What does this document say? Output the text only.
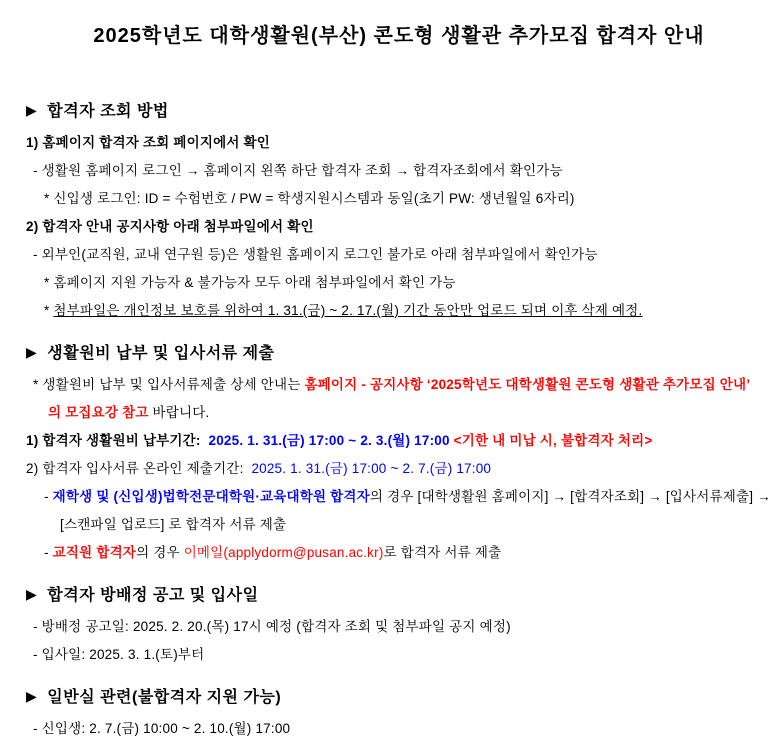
2025학년도 대학생활원(부산) 콘도형 생활관 추가모집 합격자 안내
▶ 합격자 조회 방법
1) 홈페이지 합격자 조회 페이지에서 확인
- 생활원 홈페이지 로그인 → 홈페이지 왼쪽 하단 합격자 조회 → 합격자조회에서 확인가능
* 신입생 로그인: ID = 수험번호 / PW = 학생지원시스템과 동일(초기 PW: 생년월일 6자리)
2) 합격자 안내 공지사항 아래 첨부파일에서 확인
- 외부인(교직원, 교내 연구원 등)은 생활원 홈페이지 로그인 불가로 아래 첨부파일에서 확인가능
* 홈페이지 지원 가능자 & 불가능자 모두 아래 첨부파일에서 확인 가능
* 첨부파일은 개인정보 보호를 위하여 1. 31.(금) ~ 2. 17.(월) 기간 동안만 업로드 되며 이후 삭제 예정.
▶ 생활원비 납부 및 입사서류 제출
* 생활원비 납부 및 입사서류제출 상세 안내는 홈페이지 - 공지사항 ‘2025학년도 대학생활원 콘도형 생활관 추가모집 안내’
의 모집요강 참고 바랍니다.
1) 합격자 생활원비 납부기간:  2025. 1. 31.(금) 17:00 ~ 2. 3.(월) 17:00 <기한 내 미납 시, 불합격자 처리>
2) 합격자 입사서류 온라인 제출기간:  2025. 1. 31.(금) 17:00 ~ 2. 7.(금) 17:00
- 재학생 및 (신입생)법학전문대학원·교육대학원 합격자의 경우 [대학생활원 홈페이지] → [합격자조회] → [입사서류제출] →
[스캔파일 업로드] 로 합격자 서류 제출
- 교직원 합격자의 경우 이메일(applydorm@pusan.ac.kr)로 합격자 서류 제출
▶ 합격자 방배정 공고 및 입사일
- 방배정 공고일: 2025. 2. 20.(목) 17시 예정 (합격자 조회 및 첨부파일 공지 예정)
- 입사일: 2025. 3. 1.(토)부터
▶ 일반실 관련(불합격자 지원 가능)
- 신입생: 2. 7.(금) 10:00 ~ 2. 10.(월) 17:00
